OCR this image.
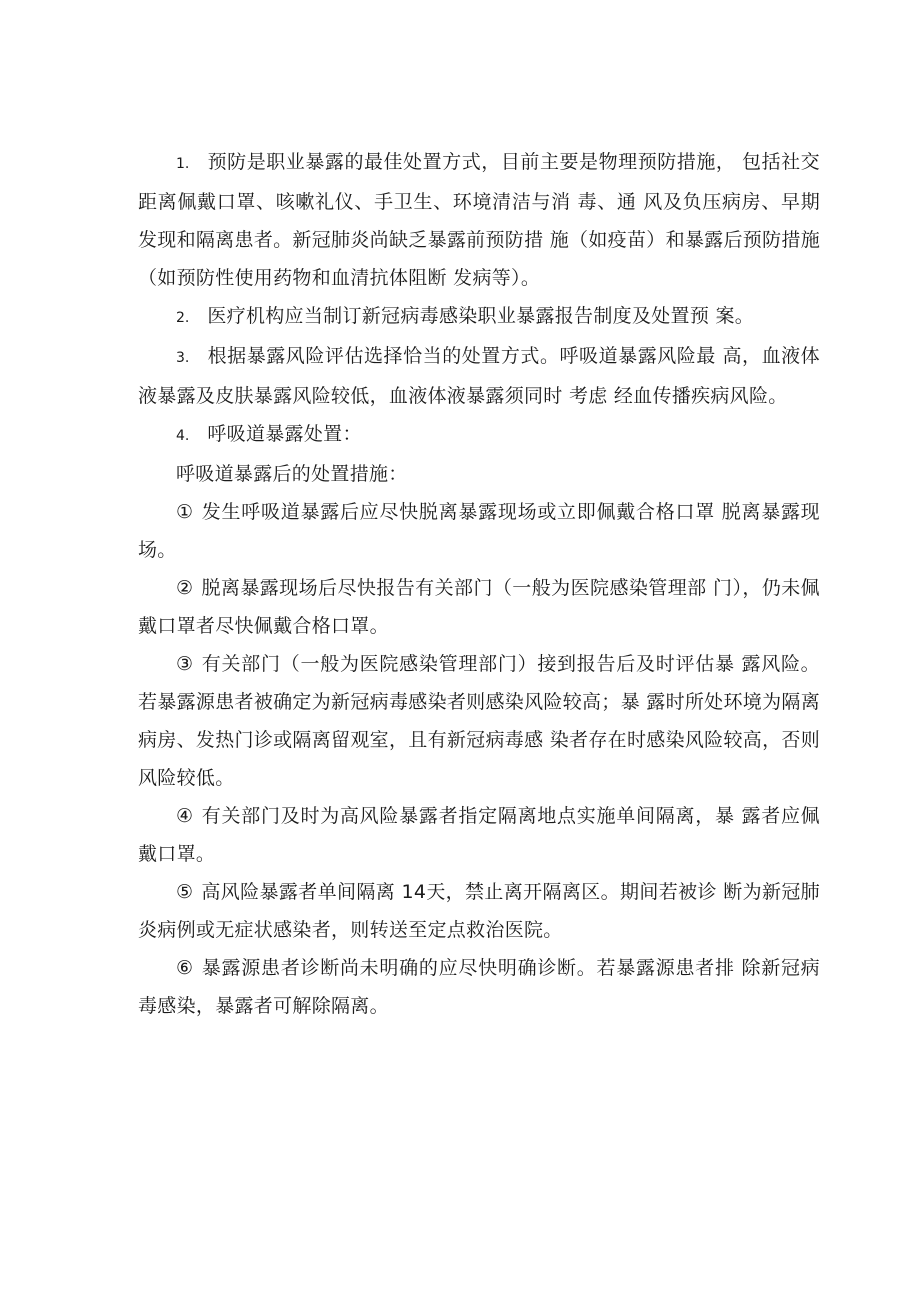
1. 预防是职业暴露的最佳处置方式，目前主要是物理预防措施， 包括社交距离佩戴口罩、咳嗽礼仪、手卫生、环境清洁与消 毒、通 风及负压病房、早期发现和隔离患者。新冠肺炎尚缺乏暴露前预防措 施（如疫苗）和暴露后预防措施（如预防性使用药物和血清抗体阻断 发病等）。

2. 医疗机构应当制订新冠病毒感染职业暴露报告制度及处置预 案。

3. 根据暴露风险评估选择恰当的处置方式。呼吸道暴露风险最 高，血液体液暴露及皮肤暴露风险较低，血液体液暴露须同时 考虑 经血传播疾病风险。

4. 呼吸道暴露处置：

呼吸道暴露后的处置措施：

① 发生呼吸道暴露后应尽快脱离暴露现场或立即佩戴合格口罩 脱离暴露现场。

② 脱离暴露现场后尽快报告有关部门（一般为医院感染管理部 门），仍未佩戴口罩者尽快佩戴合格口罩。

③ 有关部门（一般为医院感染管理部门）接到报告后及时评估暴 露风险。若暴露源患者被确定为新冠病毒感染者则感染风险较高；暴 露时所处环境为隔离病房、发热门诊或隔离留观室，且有新冠病毒感 染者存在时感染风险较高，否则风险较低。

④ 有关部门及时为高风险暴露者指定隔离地点实施单间隔离，暴 露者应佩戴口罩。

⑤ 高风险暴露者单间隔离 14天，禁止离开隔离区。期间若被诊 断为新冠肺炎病例或无症状感染者，则转送至定点救治医院。

⑥ 暴露源患者诊断尚未明确的应尽快明确诊断。若暴露源患者排 除新冠病毒感染，暴露者可解除隔离。
